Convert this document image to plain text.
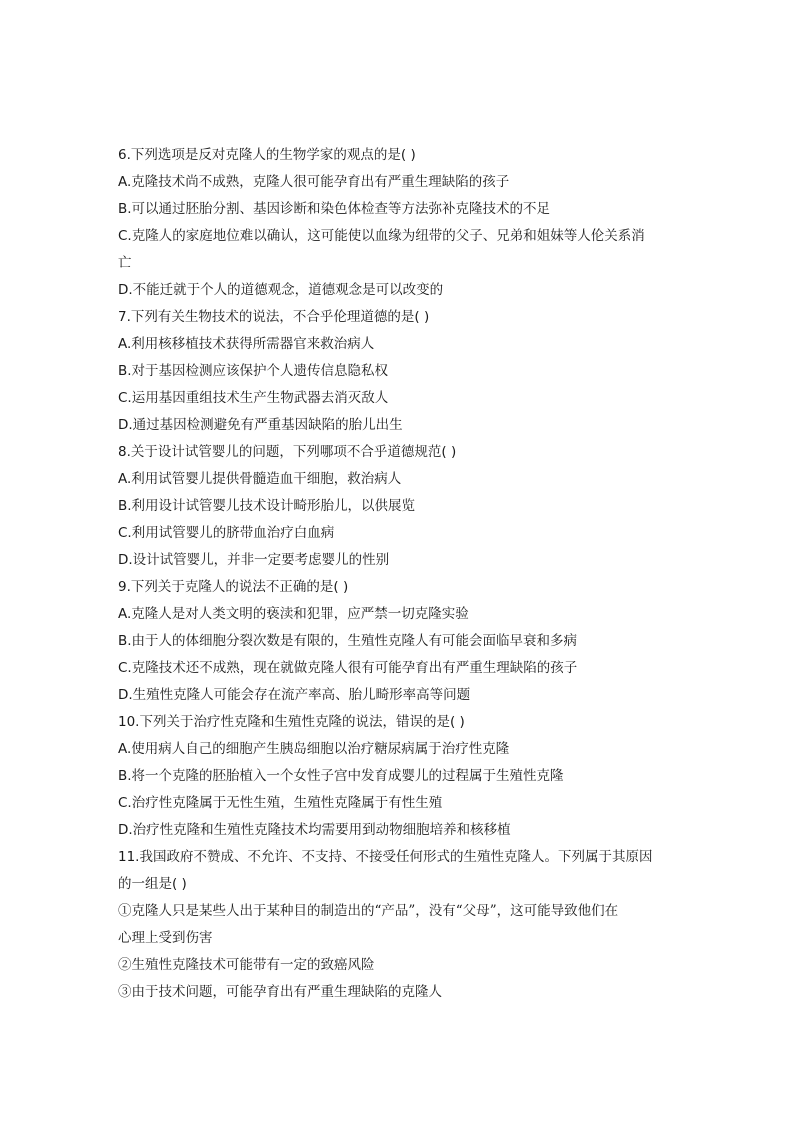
6.下列选项是反对克隆人的生物学家的观点的是( )
A.克隆技术尚不成熟，克隆人很可能孕育出有严重生理缺陷的孩子
B.可以通过胚胎分割、基因诊断和染色体检查等方法弥补克隆技术的不足
C.克隆人的家庭地位难以确认，这可能使以血缘为纽带的父子、兄弟和姐妹等人伦关系消
亡
D.不能迁就于个人的道德观念，道德观念是可以改变的
7.下列有关生物技术的说法，不合乎伦理道德的是( )
A.利用核移植技术获得所需器官来救治病人
B.对于基因检测应该保护个人遗传信息隐私权
C.运用基因重组技术生产生物武器去消灭敌人
D.通过基因检测避免有严重基因缺陷的胎儿出生
8.关于设计试管婴儿的问题，下列哪项不合乎道德规范( )
A.利用试管婴儿提供骨髓造血干细胞，救治病人
B.利用设计试管婴儿技术设计畸形胎儿，以供展览
C.利用试管婴儿的脐带血治疗白血病
D.设计试管婴儿，并非一定要考虑婴儿的性别
9.下列关于克隆人的说法不正确的是( )
A.克隆人是对人类文明的亵渎和犯罪，应严禁一切克隆实验
B.由于人的体细胞分裂次数是有限的，生殖性克隆人有可能会面临早衰和多病
C.克隆技术还不成熟，现在就做克隆人很有可能孕育出有严重生理缺陷的孩子
D.生殖性克隆人可能会存在流产率高、胎儿畸形率高等问题
10.下列关于治疗性克隆和生殖性克隆的说法，错误的是( )
A.使用病人自己的细胞产生胰岛细胞以治疗糖尿病属于治疗性克隆
B.将一个克隆的胚胎植入一个女性子宫中发育成婴儿的过程属于生殖性克隆
C.治疗性克隆属于无性生殖，生殖性克隆属于有性生殖
D.治疗性克隆和生殖性克隆技术均需要用到动物细胞培养和核移植
11.我国政府不赞成、不允许、不支持、不接受任何形式的生殖性克隆人。下列属于其原因
的一组是( )
①克隆人只是某些人出于某种目的制造出的“产品”，没有“父母”，这可能导致他们在
心理上受到伤害
②生殖性克隆技术可能带有一定的致癌风险
③由于技术问题，可能孕育出有严重生理缺陷的克隆人
